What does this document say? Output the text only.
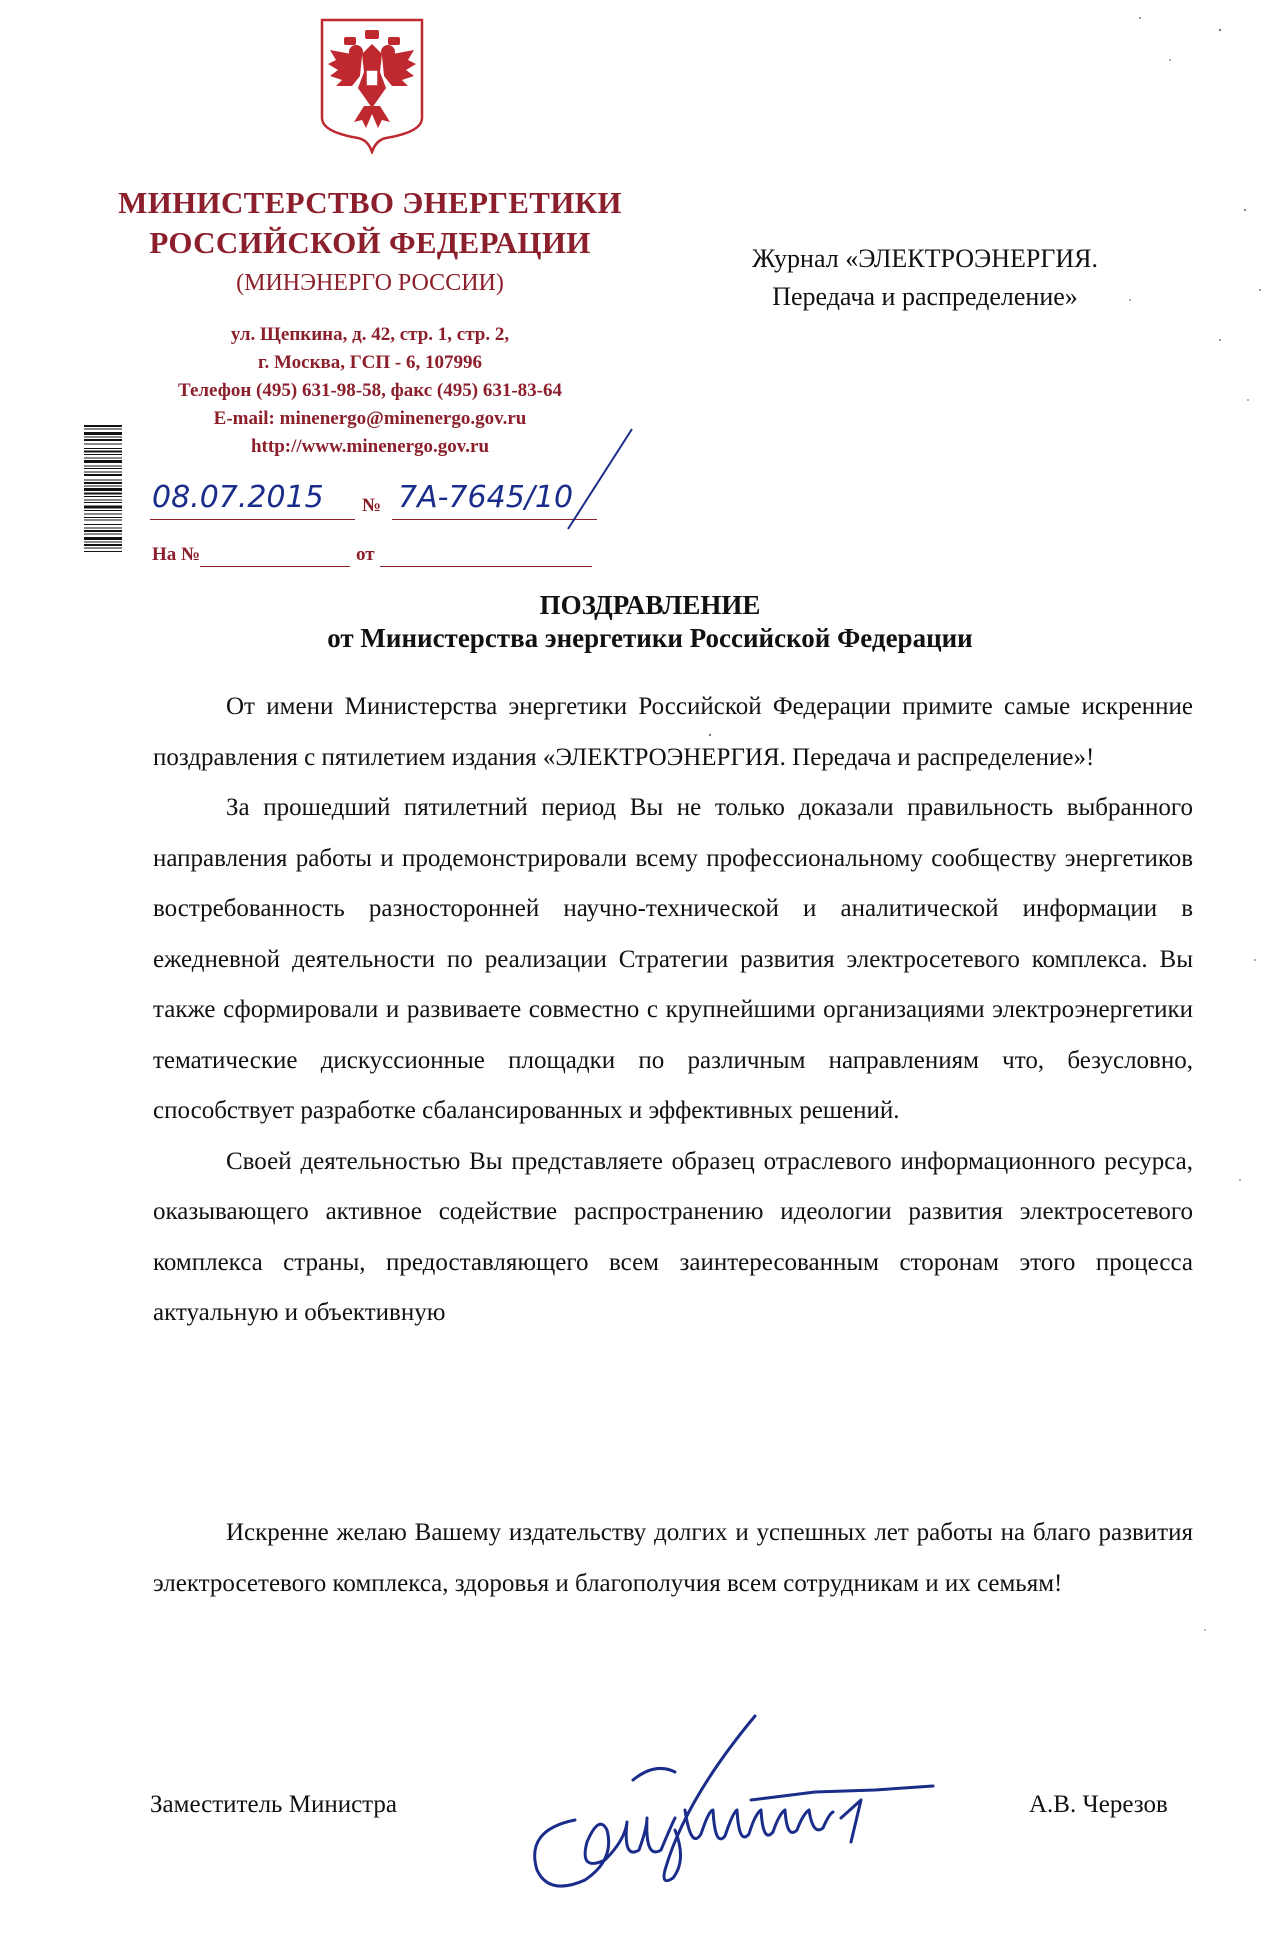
МИНИСТЕРСТВО ЭНЕРГЕТИКИ
РОССИЙСКОЙ ФЕДЕРАЦИИ
(МИНЭНЕРГО РОССИИ)
ул. Щепкина, д. 42, стр. 1, стр. 2,
г. Москва, ГСП - 6, 107996
Телефон (495) 631-98-58, факс (495) 631-83-64
E-mail: minenergo@minenergo.gov.ru
http://www.minenergo.gov.ru
08.07.2015 № 7А-7645/10
На №	от
Журнал «ЭЛЕКТРОЭНЕРГИЯ.
Передача и распределение»
ПОЗДРАВЛЕНИЕ
от Министерства энергетики Российской Федерации

От имени Министерства энергетики Российской Федерации примите самые искренние поздравления с пятилетием издания «ЭЛЕКТРОЭНЕРГИЯ. Передача и распределение»!

За прошедший пятилетний период Вы не только доказали правильность выбранного направления работы и продемонстрировали всему профессиональному сообществу энергетиков востребованность разносторонней научно-технической и аналитической информации в ежедневной деятельности по реализации Стратегии развития электросетевого комплекса. Вы также сформировали и развиваете совместно с крупнейшими организациями электроэнергетики тематические дискуссионные площадки по различным направлениям что, безусловно, способствует разработке сбалансированных и эффективных решений.

Своей деятельностью Вы представляете образец отраслевого информационного ресурса, оказывающего активное содействие распространению идеологии развития электросетевого комплекса страны, предоставляющего всем заинтересованным сторонам этого процесса актуальную и объективную

Искренне желаю Вашему издательству долгих и успешных лет работы на благо развития электросетевого комплекса, здоровья и благополучия всем сотрудникам и их семьям!

Заместитель Министра	А.В. Черезов
